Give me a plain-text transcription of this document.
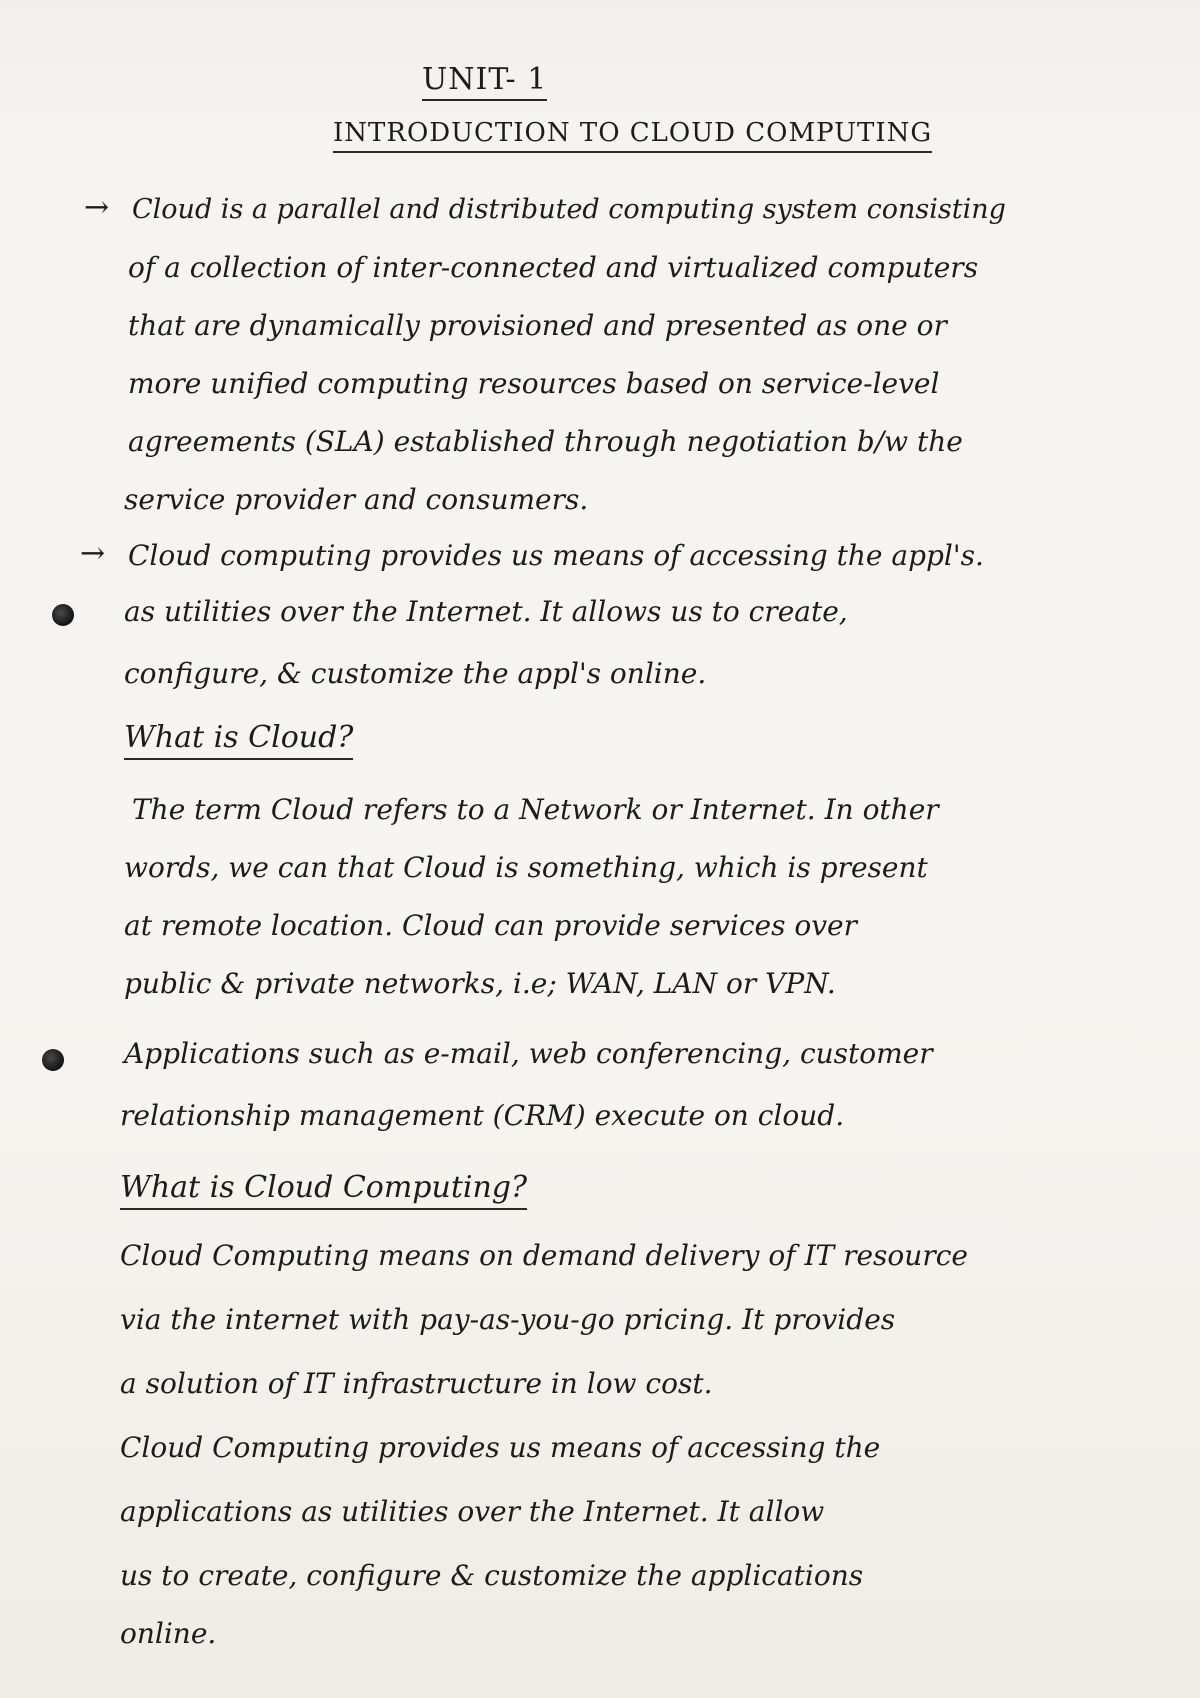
UNIT- 1
INTRODUCTION TO CLOUD COMPUTING
→ Cloud is a parallel and distributed computing system consisting
of a collection of inter-connected and virtualized computers
that are dynamically provisioned and presented as one or
more unified computing resources based on service-level
agreements (SLA) established through negotiation b/w the
service provider and consumers.
→ Cloud computing provides us means of accessing the appl's.
as utilities over the Internet. It allows us to create,
configure, & customize the appl's online.
What is Cloud?
The term Cloud refers to a Network or Internet. In other
words, we can that Cloud is something, which is present
at remote location. Cloud can provide services over
public & private networks, i.e; WAN, LAN or VPN.
Applications such as e-mail, web conferencing, customer
relationship management (CRM) execute on cloud.
What is Cloud Computing?
Cloud Computing means on demand delivery of IT resource
via the internet with pay-as-you-go pricing. It provides
a solution of IT infrastructure in low cost.
Cloud Computing provides us means of accessing the
applications as utilities over the Internet. It allow
us to create, configure & customize the applications
online.
